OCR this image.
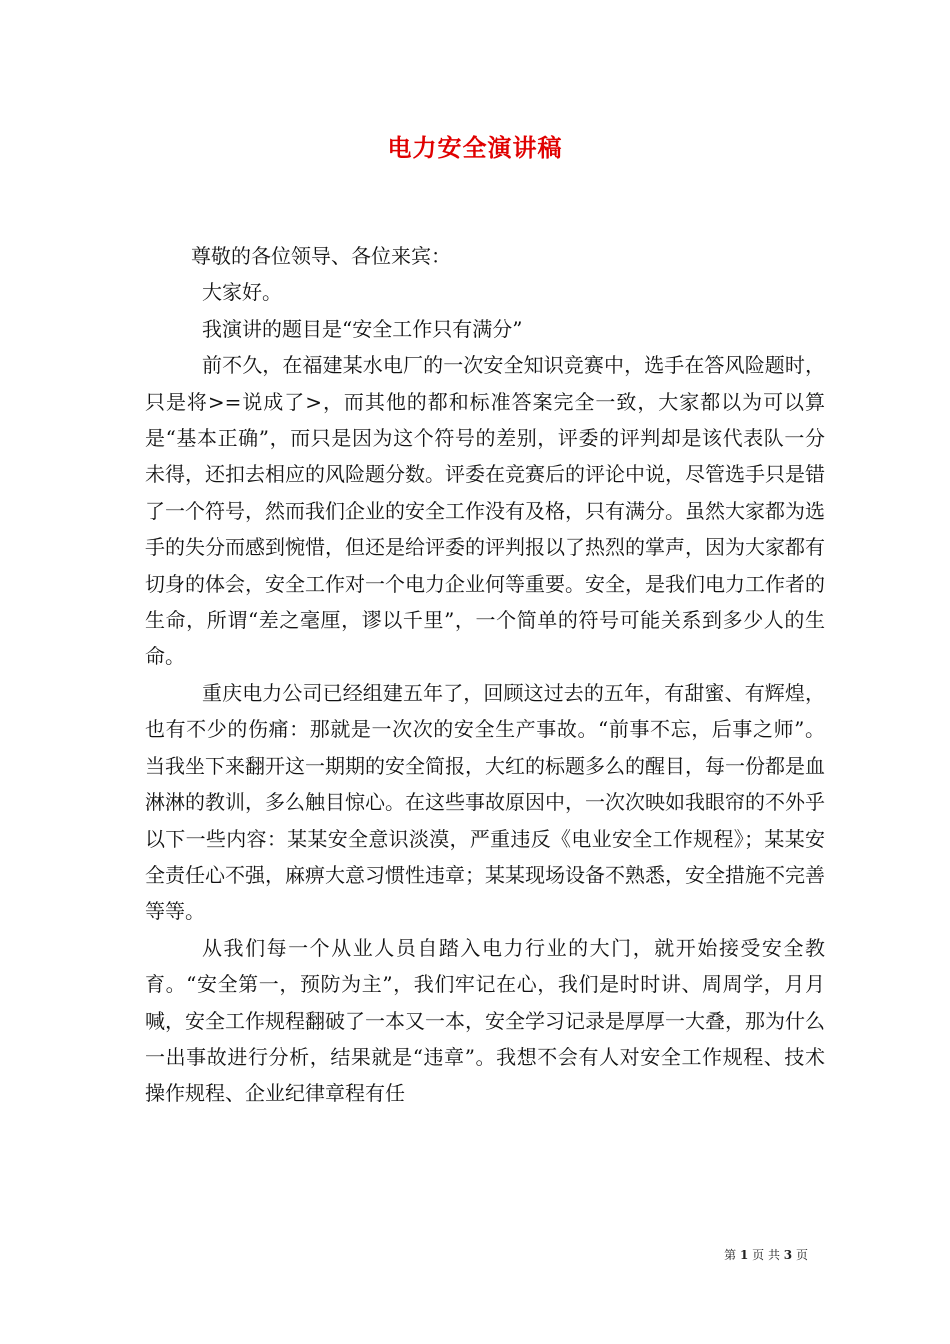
电力安全演讲稿

尊敬的各位领导、各位来宾：

大家好。

我演讲的题目是“安全工作只有满分”

前不久，在福建某水电厂的一次安全知识竞赛中，选手在答风险题时，只是将>=说成了>，而其他的都和标准答案完全一致，大家都以为可以算是“基本正确”，而只是因为这个符号的差别，评委的评判却是该代表队一分未得，还扣去相应的风险题分数。评委在竞赛后的评论中说，尽管选手只是错了一个符号，然而我们企业的安全工作没有及格，只有满分。虽然大家都为选手的失分而感到惋惜，但还是给评委的评判报以了热烈的掌声，因为大家都有切身的体会，安全工作对一个电力企业何等重要。安全，是我们电力工作者的生命，所谓“差之毫厘，谬以千里”，一个简单的符号可能关系到多少人的生命。

重庆电力公司已经组建五年了，回顾这过去的五年，有甜蜜、有辉煌，也有不少的伤痛：那就是一次次的安全生产事故。“前事不忘，后事之师”。当我坐下来翻开这一期期的安全简报，大红的标题多么的醒目，每一份都是血淋淋的教训，多么触目惊心。在这些事故原因中，一次次映如我眼帘的不外乎以下一些内容：某某安全意识淡漠，严重违反《电业安全工作规程》；某某安全责任心不强，麻痹大意习惯性违章；某某现场设备不熟悉，安全措施不完善等等。

从我们每一个从业人员自踏入电力行业的大门，就开始接受安全教育。“安全第一，预防为主”，我们牢记在心，我们是时时讲、周周学，月月喊，安全工作规程翻破了一本又一本，安全学习记录是厚厚一大叠，那为什么一出事故进行分析，结果就是“违章”。我想不会有人对安全工作规程、技术操作规程、企业纪律章程有任

第 1 页 共 3 页
